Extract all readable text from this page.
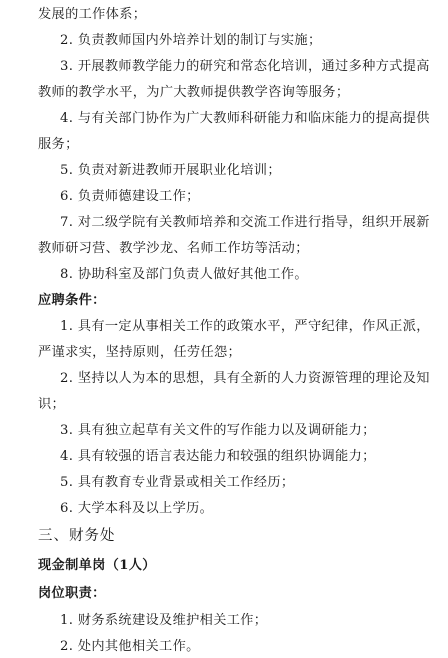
发展的工作体系；
2. 负责教师国内外培养计划的制订与实施；
3. 开展教师教学能力的研究和常态化培训，通过多种方式提高
教师的教学水平，为广大教师提供教学咨询等服务；
4. 与有关部门协作为广大教师科研能力和临床能力的提高提供
服务；
5. 负责对新进教师开展职业化培训；
6. 负责师德建设工作；
7. 对二级学院有关教师培养和交流工作进行指导，组织开展新
教师研习营、教学沙龙、名师工作坊等活动；
8. 协助科室及部门负责人做好其他工作。
应聘条件：
1. 具有一定从事相关工作的政策水平，严守纪律，作风正派，
严谨求实，坚持原则，任劳任怨；
2. 坚持以人为本的思想，具有全新的人力资源管理的理论及知
识；
3. 具有独立起草有关文件的写作能力以及调研能力；
4. 具有较强的语言表达能力和较强的组织协调能力；
5. 具有教育专业背景或相关工作经历；
6. 大学本科及以上学历。
三、财务处
现金制单岗（1人）
岗位职责：
1. 财务系统建设及维护相关工作；
2. 处内其他相关工作。
